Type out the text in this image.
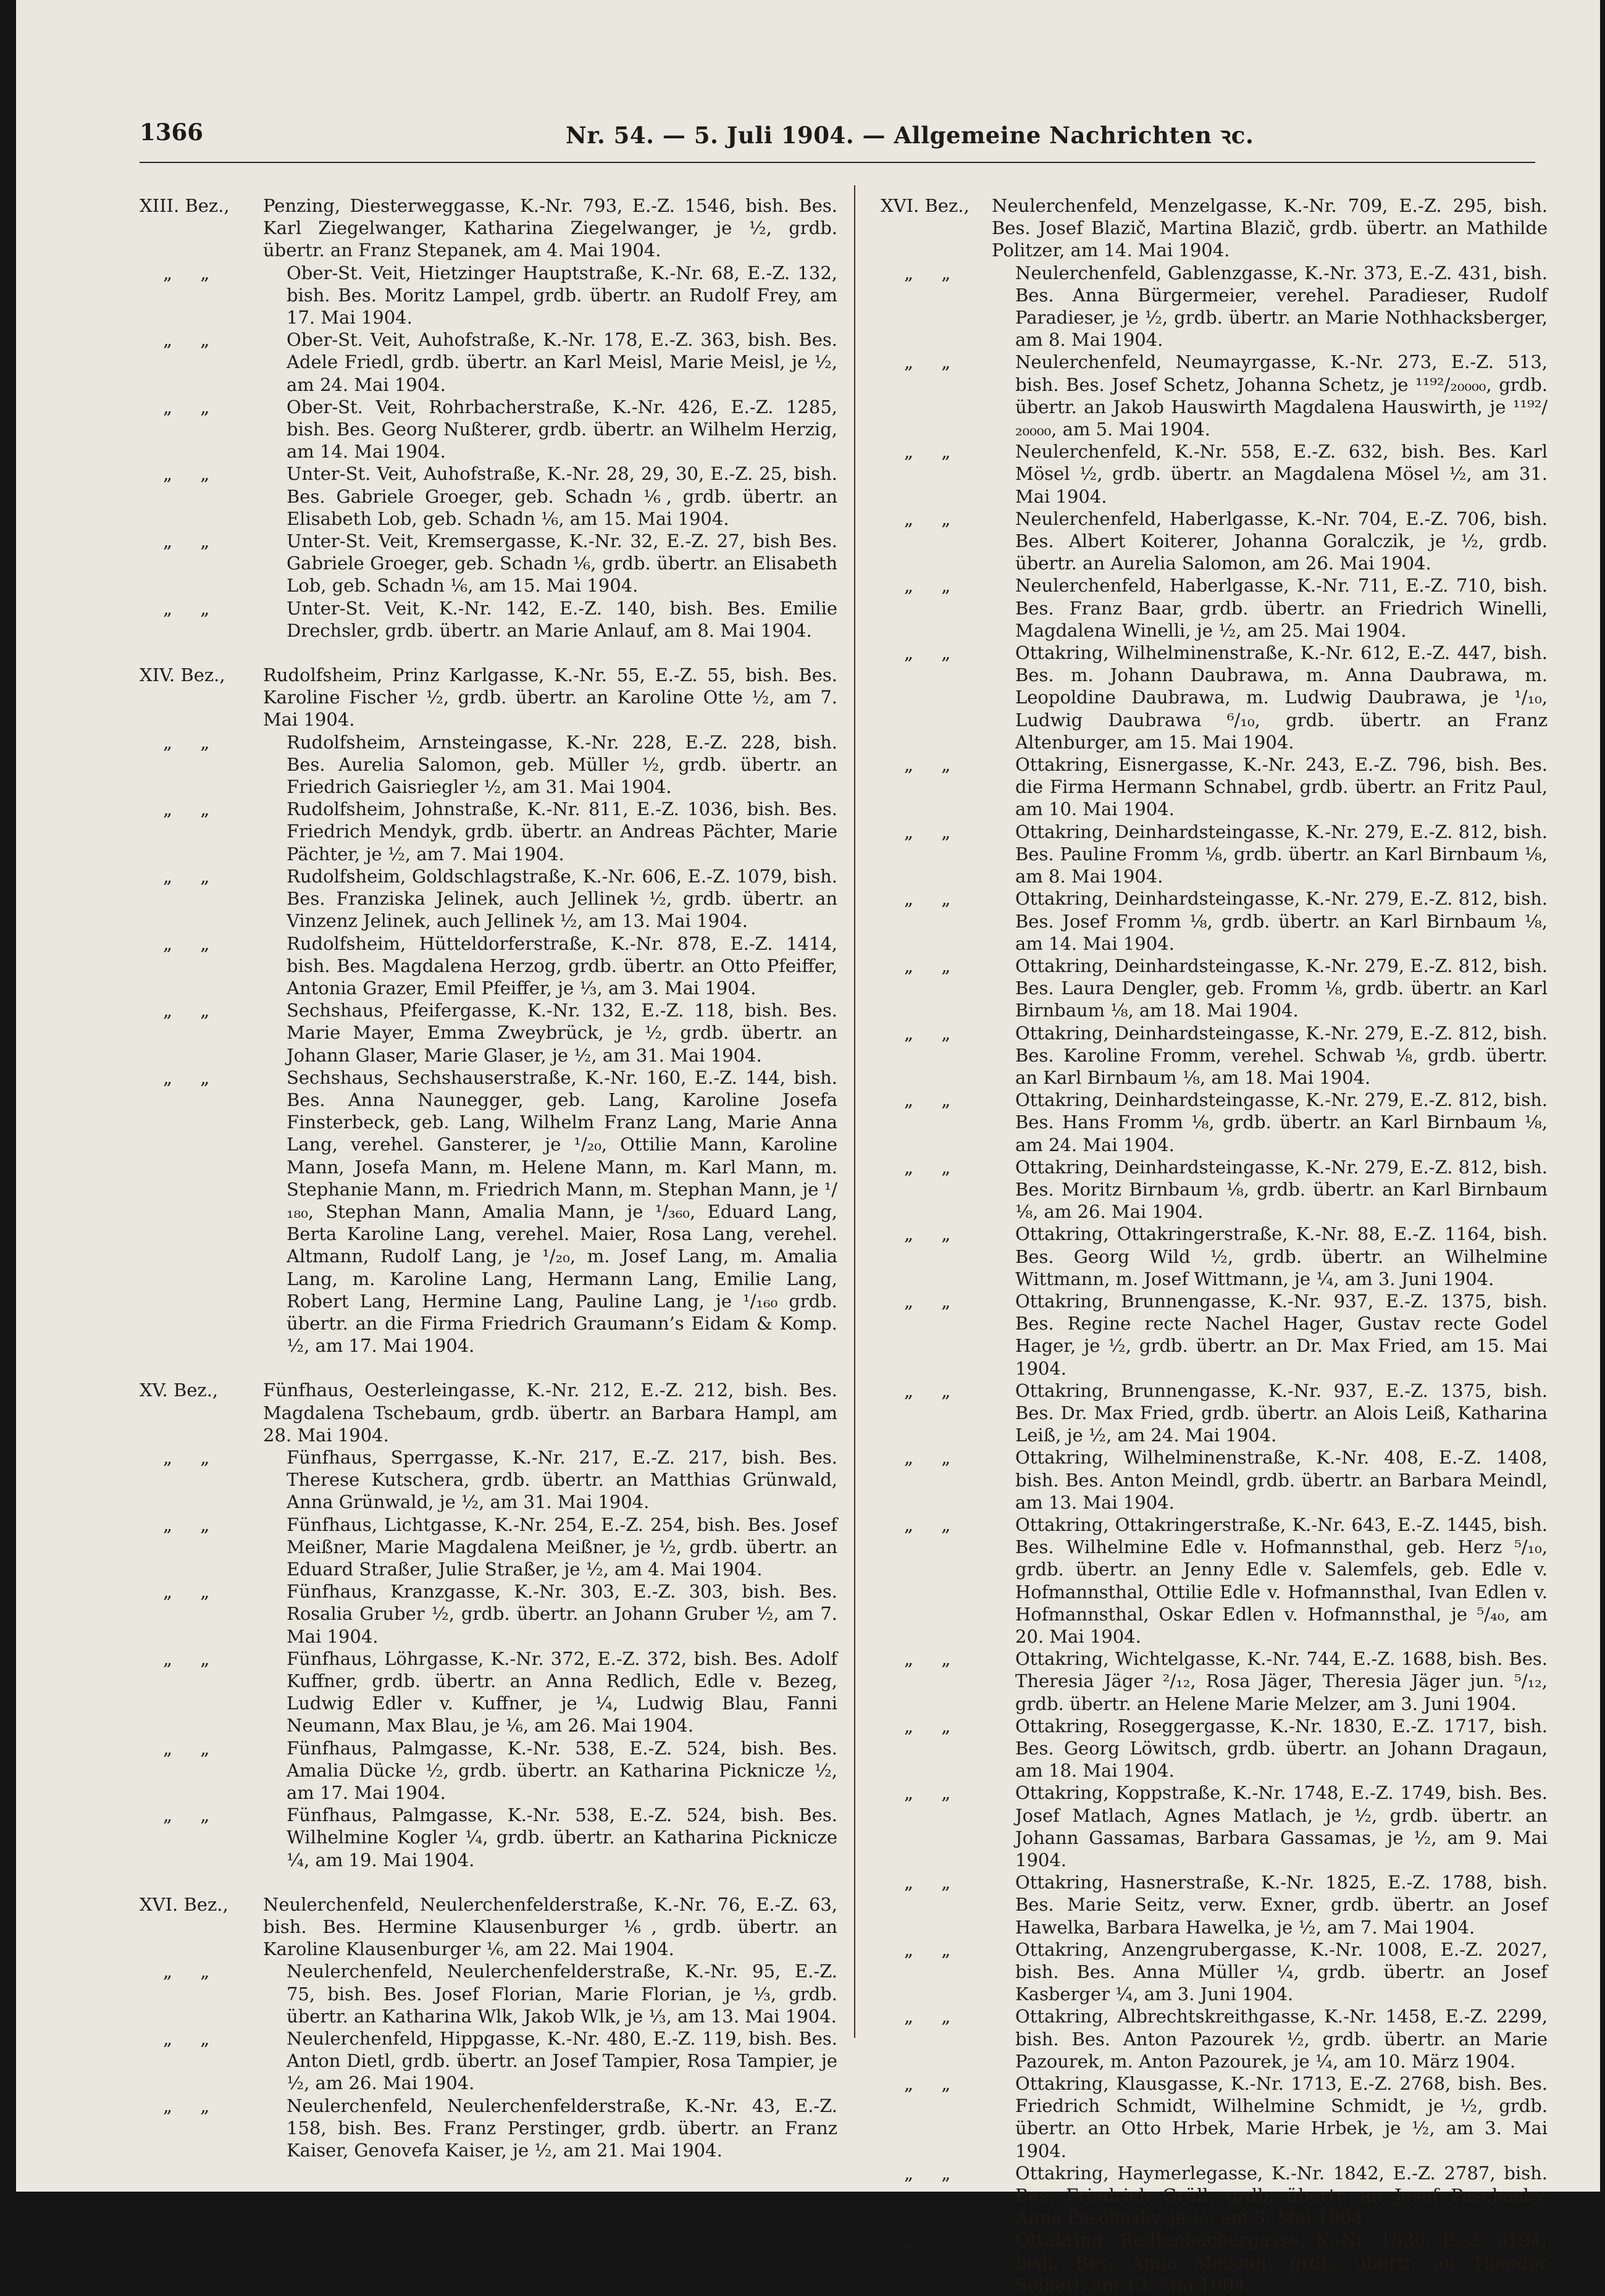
1366	Nr. 54. — 5. Juli 1904. — Allgemeine Nachrichten ꝛc.
XIII. Bez.,	Penzing, Diesterweggasse, K.-Nr. 793, E.-Z. 1546, bish. Bes. Karl Ziegelwanger, Katharina Ziegelwanger, je ½, grdb. übertr. an Franz Stepanek, am 4. Mai 1904.
„ „	Ober-St. Veit, Hietzinger Hauptstraße, K.-Nr. 68, E.-Z. 132, bish. Bes. Moritz Lampel, grdb. übertr. an Rudolf Frey, am 17. Mai 1904.
„ „	Ober-St. Veit, Auhofstraße, K.-Nr. 178, E.-Z. 363, bish. Bes. Adele Friedl, grdb. übertr. an Karl Meisl, Marie Meisl, je ½, am 24. Mai 1904.
„ „	Ober-St. Veit, Rohrbacherstraße, K.-Nr. 426, E.-Z. 1285, bish. Bes. Georg Nußterer, grdb. übertr. an Wilhelm Herzig, am 14. Mai 1904.
„ „	Unter-St. Veit, Auhofstraße, K.-Nr. 28, 29, 30, E.-Z. 25, bish. Bes. Gabriele Groeger, geb. Schadn ⅙, grdb. übertr. an Elisabeth Lob, geb. Schadn ⅙, am 15. Mai 1904.
„ „	Unter-St. Veit, Kremsergasse, K.-Nr. 32, E.-Z. 27, bish Bes. Gabriele Groeger, geb. Schadn ⅙, grdb. übertr. an Elisabeth Lob, geb. Schadn ⅙, am 15. Mai 1904.
„ „	Unter-St. Veit, K.-Nr. 142, E.-Z. 140, bish. Bes. Emilie Drechsler, grdb. übertr. an Marie Anlauf, am 8. Mai 1904.
XIV. Bez.,	Rudolfsheim, Prinz Karlgasse, K.-Nr. 55, E.-Z. 55, bish. Bes. Karoline Fischer ½, grdb. übertr. an Karoline Otte ½, am 7. Mai 1904.
„ „	Rudolfsheim, Arnsteingasse, K.-Nr. 228, E.-Z. 228, bish. Bes. Aurelia Salomon, geb. Müller ½, grdb. übertr. an Friedrich Gaisriegler ½, am 31. Mai 1904.
„ „	Rudolfsheim, Johnstraße, K.-Nr. 811, E.-Z. 1036, bish. Bes. Friedrich Mendyk, grdb. übertr. an Andreas Pächter, Marie Pächter, je ½, am 7. Mai 1904.
„ „	Rudolfsheim, Goldschlagstraße, K.-Nr. 606, E.-Z. 1079, bish. Bes. Franziska Jelinek, auch Jellinek ½, grdb. übertr. an Vinzenz Jelinek, auch Jellinek ½, am 13. Mai 1904.
„ „	Rudolfsheim, Hütteldorferstraße, K.-Nr. 878, E.-Z. 1414, bish. Bes. Magdalena Herzog, grdb. übertr. an Otto Pfeiffer, Antonia Grazer, Emil Pfeiffer, je ⅓, am 3. Mai 1904.
„ „	Sechshaus, Pfeifergasse, K.-Nr. 132, E.-Z. 118, bish. Bes. Marie Mayer, Emma Zweybrück, je ½, grdb. übertr. an Johann Glaser, Marie Glaser, je ½, am 31. Mai 1904.
„ „	Sechshaus, Sechshauserstraße, K.-Nr. 160, E.-Z. 144, bish. Bes. Anna Naunegger, geb. Lang, Karoline Josefa Finsterbeck, geb. Lang, Wilhelm Franz Lang, Marie Anna Lang, verehel. Gansterer, je ¹/₂₀, Ottilie Mann, Karoline Mann, Josefa Mann, m. Helene Mann, m. Karl Mann, m. Stephanie Mann, m. Friedrich Mann, m. Stephan Mann, je ¹/₁₈₀, Stephan Mann, Amalia Mann, je ¹/₃₆₀, Eduard Lang, Berta Karoline Lang, verehel. Maier, Rosa Lang, verehel. Altmann, Rudolf Lang, je ¹/₂₀, m. Josef Lang, m. Amalia Lang, m. Karoline Lang, Hermann Lang, Emilie Lang, Robert Lang, Hermine Lang, Pauline Lang, je ¹/₁₆₀ grdb. übertr. an die Firma Friedrich Graumann’s Eidam & Komp. ½, am 17. Mai 1904.
XV. Bez.,	Fünfhaus, Oesterleingasse, K.-Nr. 212, E.-Z. 212, bish. Bes. Magdalena Tschebaum, grdb. übertr. an Barbara Hampl, am 28. Mai 1904.
„ „	Fünfhaus, Sperrgasse, K.-Nr. 217, E.-Z. 217, bish. Bes. Therese Kutschera, grdb. übertr. an Matthias Grünwald, Anna Grünwald, je ½, am 31. Mai 1904.
„ „	Fünfhaus, Lichtgasse, K.-Nr. 254, E.-Z. 254, bish. Bes. Josef Meißner, Marie Magdalena Meißner, je ½, grdb. übertr. an Eduard Straßer, Julie Straßer, je ½, am 4. Mai 1904.
„ „	Fünfhaus, Kranzgasse, K.-Nr. 303, E.-Z. 303, bish. Bes. Rosalia Gruber ½, grdb. übertr. an Johann Gruber ½, am 7. Mai 1904.
„ „	Fünfhaus, Löhrgasse, K.-Nr. 372, E.-Z. 372, bish. Bes. Adolf Kuffner, grdb. übertr. an Anna Redlich, Edle v. Bezeg, Ludwig Edler v. Kuffner, je ¼, Ludwig Blau, Fanni Neumann, Max Blau, je ⅙, am 26. Mai 1904.
„ „	Fünfhaus, Palmgasse, K.-Nr. 538, E.-Z. 524, bish. Bes. Amalia Dücke ½, grdb. übertr. an Katharina Picknicze ½, am 17. Mai 1904.
„ „	Fünfhaus, Palmgasse, K.-Nr. 538, E.-Z. 524, bish. Bes. Wilhelmine Kogler ¼, grdb. übertr. an Katharina Picknicze ¼, am 19. Mai 1904.
XVI. Bez.,	Neulerchenfeld, Neulerchenfelderstraße, K.-Nr. 76, E.-Z. 63, bish. Bes. Hermine Klausenburger ⅙, grdb. übertr. an Karoline Klausenburger ⅙, am 22. Mai 1904.
„ „	Neulerchenfeld, Neulerchenfelderstraße, K.-Nr. 95, E.-Z. 75, bish. Bes. Josef Florian, Marie Florian, je ⅓, grdb. übertr. an Katharina Wlk, Jakob Wlk, je ⅓, am 13. Mai 1904.
„ „	Neulerchenfeld, Hippgasse, K.-Nr. 480, E.-Z. 119, bish. Bes. Anton Dietl, grdb. übertr. an Josef Tampier, Rosa Tampier, je ½, am 26. Mai 1904.
„ „	Neulerchenfeld, Neulerchenfelderstraße, K.-Nr. 43, E.-Z. 158, bish. Bes. Franz Perstinger, grdb. übertr. an Franz Kaiser, Genovefa Kaiser, je ½, am 21. Mai 1904.
XVI. Bez.,	Neulerchenfeld, Menzelgasse, K.-Nr. 709, E.-Z. 295, bish. Bes. Josef Blazič, Martina Blazič, grdb. übertr. an Mathilde Politzer, am 14. Mai 1904.
„ „	Neulerchenfeld, Gablenzgasse, K.-Nr. 373, E.-Z. 431, bish. Bes. Anna Bürgermeier, verehel. Paradieser, Rudolf Paradieser, je ½, grdb. übertr. an Marie Nothhacksberger, am 8. Mai 1904.
„ „	Neulerchenfeld, Neumayrgasse, K.-Nr. 273, E.-Z. 513, bish. Bes. Josef Schetz, Johanna Schetz, je ¹¹⁹²/₂₀₀₀₀, grdb. übertr. an Jakob Hauswirth Magdalena Hauswirth, je ¹¹⁹²/₂₀₀₀₀, am 5. Mai 1904.
„ „	Neulerchenfeld, K.-Nr. 558, E.-Z. 632, bish. Bes. Karl Mösel ½, grdb. übertr. an Magdalena Mösel ½, am 31. Mai 1904.
„ „	Neulerchenfeld, Haberlgasse, K.-Nr. 704, E.-Z. 706, bish. Bes. Albert Koiterer, Johanna Goralczik, je ½, grdb. übertr. an Aurelia Salomon, am 26. Mai 1904.
„ „	Neulerchenfeld, Haberlgasse, K.-Nr. 711, E.-Z. 710, bish. Bes. Franz Baar, grdb. übertr. an Friedrich Winelli, Magdalena Winelli, je ½, am 25. Mai 1904.
„ „	Ottakring, Wilhelminenstraße, K.-Nr. 612, E.-Z. 447, bish. Bes. m. Johann Daubrawa, m. Anna Daubrawa, m. Leopoldine Daubrawa, m. Ludwig Daubrawa, je ¹/₁₀, Ludwig Daubrawa ⁶/₁₀, grdb. übertr. an Franz Altenburger, am 15. Mai 1904.
„ „	Ottakring, Eisnergasse, K.-Nr. 243, E.-Z. 796, bish. Bes. die Firma Hermann Schnabel, grdb. übertr. an Fritz Paul, am 10. Mai 1904.
„ „	Ottakring, Deinhardsteingasse, K.-Nr. 279, E.-Z. 812, bish. Bes. Pauline Fromm ⅛, grdb. übertr. an Karl Birnbaum ⅛, am 8. Mai 1904.
„ „	Ottakring, Deinhardsteingasse, K.-Nr. 279, E.-Z. 812, bish. Bes. Josef Fromm ⅛, grdb. übertr. an Karl Birnbaum ⅛, am 14. Mai 1904.
„ „	Ottakring, Deinhardsteingasse, K.-Nr. 279, E.-Z. 812, bish. Bes. Laura Dengler, geb. Fromm ⅛, grdb. übertr. an Karl Birnbaum ⅛, am 18. Mai 1904.
„ „	Ottakring, Deinhardsteingasse, K.-Nr. 279, E.-Z. 812, bish. Bes. Karoline Fromm, verehel. Schwab ⅛, grdb. übertr. an Karl Birnbaum ⅛, am 18. Mai 1904.
„ „	Ottakring, Deinhardsteingasse, K.-Nr. 279, E.-Z. 812, bish. Bes. Hans Fromm ⅛, grdb. übertr. an Karl Birnbaum ⅛, am 24. Mai 1904.
„ „	Ottakring, Deinhardsteingasse, K.-Nr. 279, E.-Z. 812, bish. Bes. Moritz Birnbaum ⅛, grdb. übertr. an Karl Birnbaum ⅛, am 26. Mai 1904.
„ „	Ottakring, Ottakringerstraße, K.-Nr. 88, E.-Z. 1164, bish. Bes. Georg Wild ½, grdb. übertr. an Wilhelmine Wittmann, m. Josef Wittmann, je ¼, am 3. Juni 1904.
„ „	Ottakring, Brunnengasse, K.-Nr. 937, E.-Z. 1375, bish. Bes. Regine recte Nachel Hager, Gustav recte Godel Hager, je ½, grdb. übertr. an Dr. Max Fried, am 15. Mai 1904.
„ „	Ottakring, Brunnengasse, K.-Nr. 937, E.-Z. 1375, bish. Bes. Dr. Max Fried, grdb. übertr. an Alois Leiß, Katharina Leiß, je ½, am 24. Mai 1904.
„ „	Ottakring, Wilhelminenstraße, K.-Nr. 408, E.-Z. 1408, bish. Bes. Anton Meindl, grdb. übertr. an Barbara Meindl, am 13. Mai 1904.
„ „	Ottakring, Ottakringerstraße, K.-Nr. 643, E.-Z. 1445, bish. Bes. Wilhelmine Edle v. Hofmannsthal, geb. Herz ⁵/₁₀, grdb. übertr. an Jenny Edle v. Salemfels, geb. Edle v. Hofmannsthal, Ottilie Edle v. Hofmannsthal, Ivan Edlen v. Hofmannsthal, Oskar Edlen v. Hofmannsthal, je ⁵/₄₀, am 20. Mai 1904.
„ „	Ottakring, Wichtelgasse, K.-Nr. 744, E.-Z. 1688, bish. Bes. Theresia Jäger ²/₁₂, Rosa Jäger, Theresia Jäger jun. ⁵/₁₂, grdb. übertr. an Helene Marie Melzer, am 3. Juni 1904.
„ „	Ottakring, Roseggergasse, K.-Nr. 1830, E.-Z. 1717, bish. Bes. Georg Löwitsch, grdb. übertr. an Johann Dragaun, am 18. Mai 1904.
„ „	Ottakring, Koppstraße, K.-Nr. 1748, E.-Z. 1749, bish. Bes. Josef Matlach, Agnes Matlach, je ½, grdb. übertr. an Johann Gassamas, Barbara Gassamas, je ½, am 9. Mai 1904.
„ „	Ottakring, Hasnerstraße, K.-Nr. 1825, E.-Z. 1788, bish. Bes. Marie Seitz, verw. Exner, grdb. übertr. an Josef Hawelka, Barbara Hawelka, je ½, am 7. Mai 1904.
„ „	Ottakring, Anzengrubergasse, K.-Nr. 1008, E.-Z. 2027, bish. Bes. Anna Müller ¼, grdb. übertr. an Josef Kasberger ¼, am 3. Juni 1904.
„ „	Ottakring, Albrechtskreithgasse, K.-Nr. 1458, E.-Z. 2299, bish. Bes. Anton Pazourek ½, grdb. übertr. an Marie Pazourek, m. Anton Pazourek, je ¼, am 10. März 1904.
„ „	Ottakring, Klausgasse, K.-Nr. 1713, E.-Z. 2768, bish. Bes. Friedrich Schmidt, Wilhelmine Schmidt, je ½, grdb. übertr. an Otto Hrbek, Marie Hrbek, je ½, am 3. Mai 1904.
„ „	Ottakring, Haymerlegasse, K.-Nr. 1842, E.-Z. 2787, bish. Bes. Friedrich Grüll, grdb. übertr. an Josef Paschasky, Anna Paschasky, je ½, am 3. Mai 1904.
„ „	Ottakring, Redtenbachergasse, K.-Nr. 1836, E.-Z. 3194, bish. Bes. Anna Meixner, grdb. übertr. an Theodor Seiberl, am 13. Mai 1904.
